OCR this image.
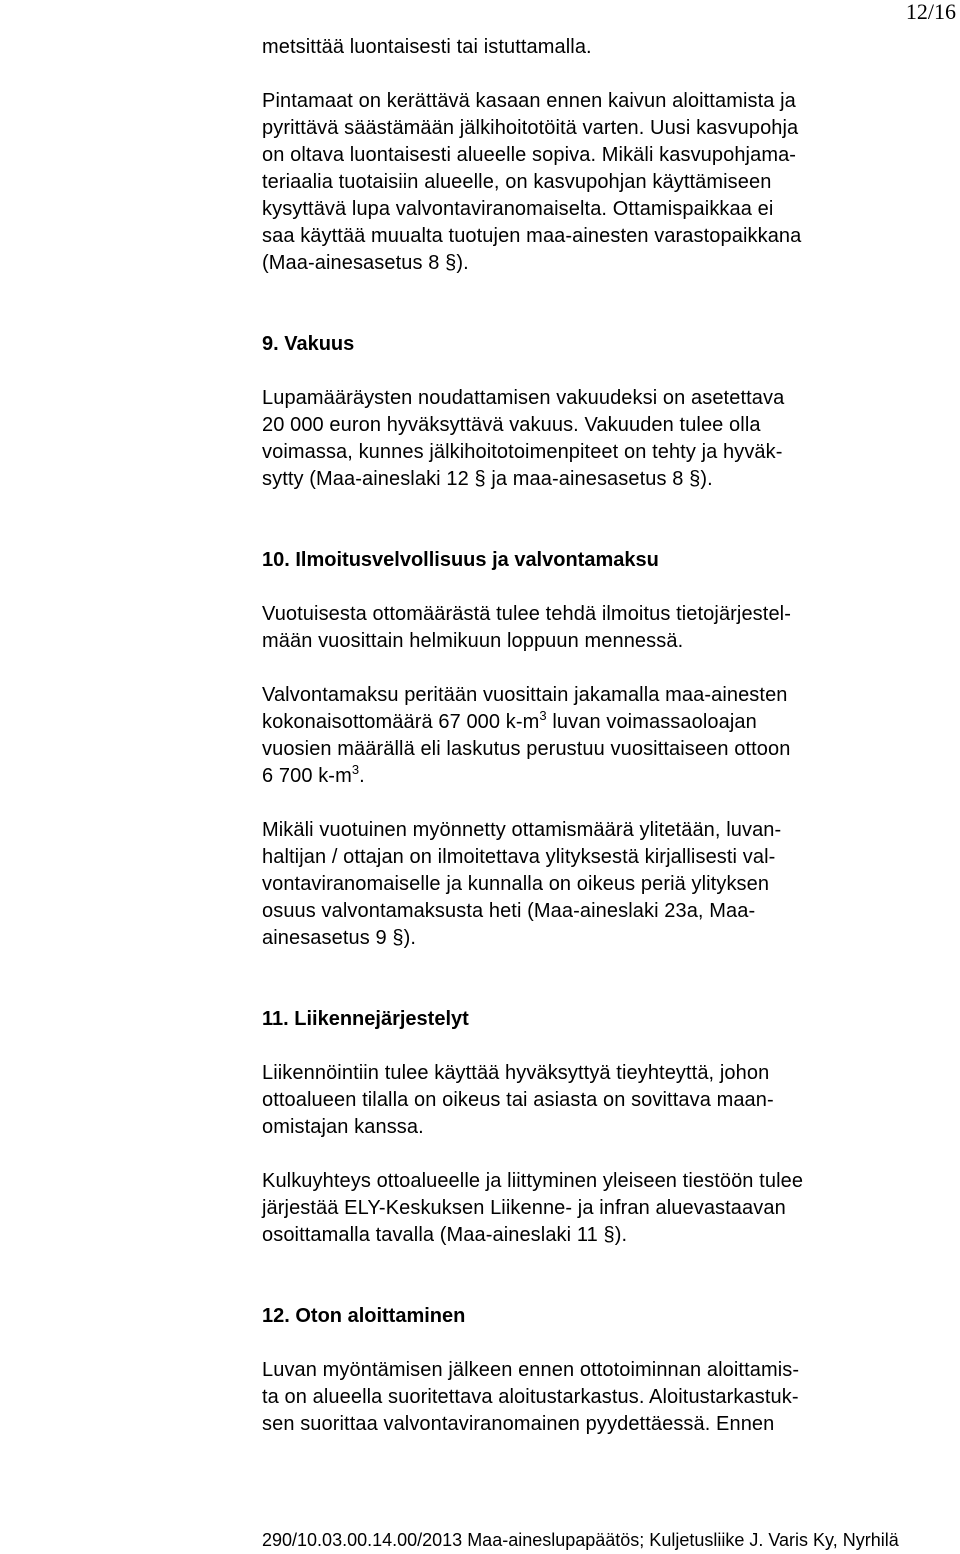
12/16
metsittää luontaisesti tai istuttamalla.
Pintamaat on kerättävä kasaan ennen kaivun aloittamista ja
pyrittävä säästämään jälkihoitotöitä varten. Uusi kasvupohja
on oltava luontaisesti alueelle sopiva. Mikäli kasvupohjama-
teriaalia tuotaisiin alueelle, on kasvupohjan käyttämiseen
kysyttävä lupa valvontaviranomaiselta. Ottamispaikkaa ei
saa käyttää muualta tuotujen maa-ainesten varastopaikkana
(Maa-ainesasetus 8 §).
9. Vakuus
Lupamääräysten noudattamisen vakuudeksi on asetettava
20 000 euron hyväksyttävä vakuus. Vakuuden tulee olla
voimassa, kunnes jälkihoitotoimenpiteet on tehty ja hyväk-
sytty (Maa-aineslaki 12 § ja maa-ainesasetus 8 §).
10. Ilmoitusvelvollisuus ja valvontamaksu
Vuotuisesta ottomäärästä tulee tehdä ilmoitus tietojärjestel-
mään vuosittain helmikuun loppuun mennessä.
Valvontamaksu peritään vuosittain jakamalla maa-ainesten
kokonaisottomäärä 67 000 $k-m^3$ luvan voimassaoloajan
vuosien määrällä eli laskutus perustuu vuosittaiseen ottoon
6 700 $k-m^3$.
Mikäli vuotuinen myönnetty ottamismäärä ylitetään, luvan-
haltijan / ottajan on ilmoitettava ylityksestä kirjallisesti val-
vontaviranomaiselle ja kunnalla on oikeus periä ylityksen
osuus valvontamaksusta heti (Maa-aineslaki 23a, Maa-
ainesasetus 9 §).
11. Liikennejärjestelyt
Liikennöintiin tulee käyttää hyväksyttyä tieyhteyttä, johon
ottoalueen tilalla on oikeus tai asiasta on sovittava maan-
omistajan kanssa.
Kulkuyhteys ottoalueelle ja liittyminen yleiseen tiestöön tulee
järjestää ELY-Keskuksen Liikenne- ja infran aluevastaavan
osoittamalla tavalla (Maa-aineslaki 11 §).
12. Oton aloittaminen
Luvan myöntämisen jälkeen ennen ottotoiminnan aloittamis-
ta on alueella suoritettava aloitustarkastus. Aloitustarkastuk-
sen suorittaa valvontaviranomainen pyydettäessä. Ennen
290/10.03.00.14.00/2013 Maa-aineslupapäätös; Kuljetusliike J. Varis Ky, Nyrhilä
